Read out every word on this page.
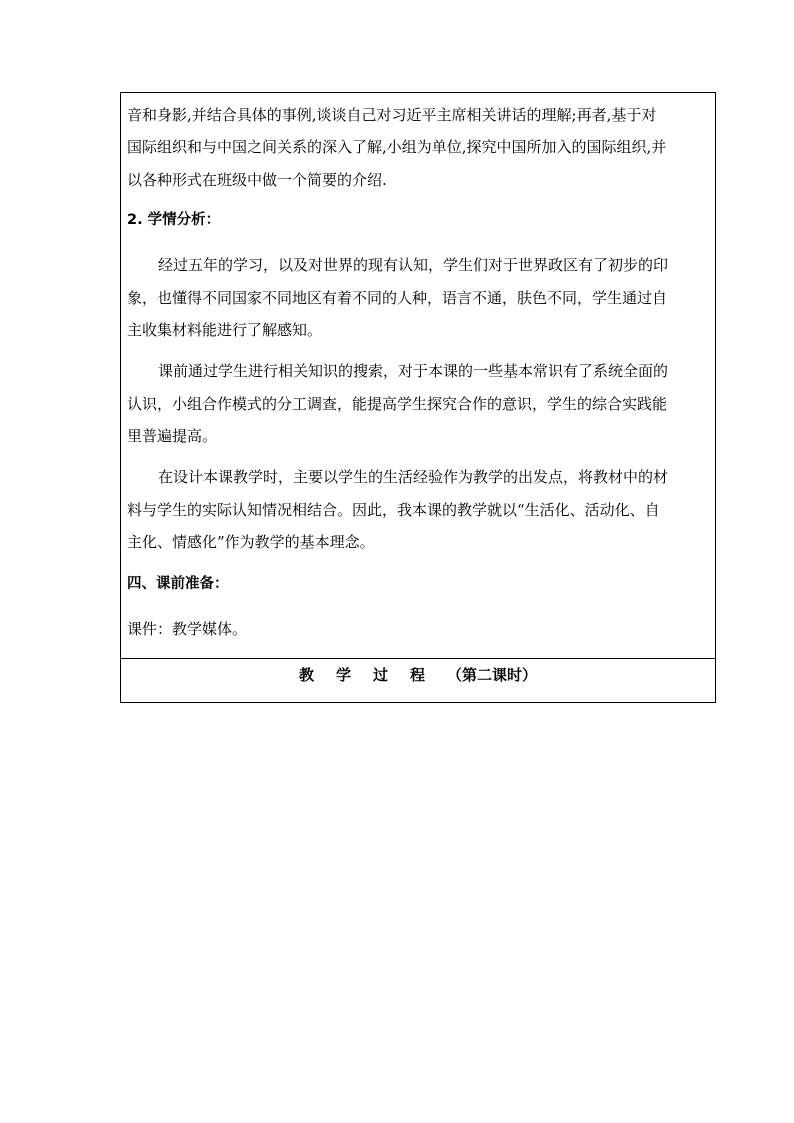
音和身影,并结合具体的事例,谈谈自己对习近平主席相关讲话的理解;再者,基于对
国际组织和与中国之间关系的深入了解,小组为单位,探究中国所加入的国际组织,并
以各种形式在班级中做一个简要的介绍.
2. 学情分析：
经过五年的学习，以及对世界的现有认知，学生们对于世界政区有了初步的印
象，也懂得不同国家不同地区有着不同的人种，语言不通，肤色不同，学生通过自
主收集材料能进行了解感知。
课前通过学生进行相关知识的搜索，对于本课的一些基本常识有了系统全面的
认识，小组合作模式的分工调查，能提高学生探究合作的意识，学生的综合实践能
里普遍提高。
在设计本课教学时，主要以学生的生活经验作为教学的出发点，将教材中的材
料与学生的实际认知情况相结合。因此，我本课的教学就以“生活化、活动化、自
主化、情感化”作为教学的基本理念。
四、课前准备：
课件：教学媒体。
教学过程（第二课时）
